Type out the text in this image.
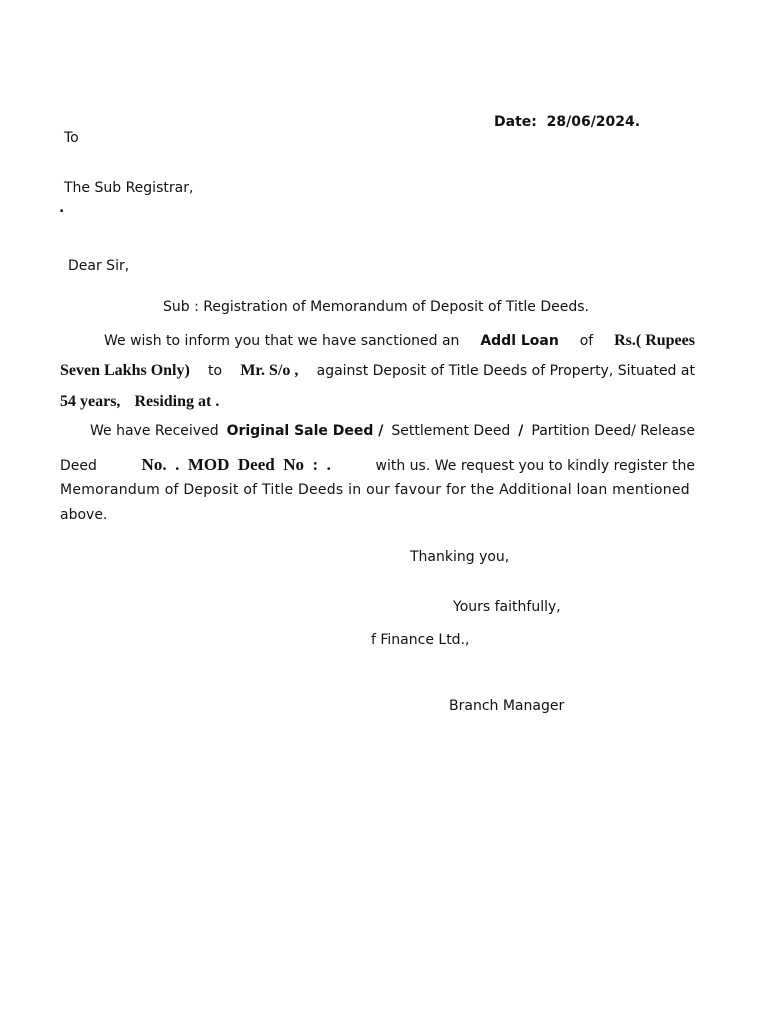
Date: 28/06/2024.
To
The Sub Registrar,
.
Dear Sir,
Sub : Registration of Memorandum of Deposit of Title Deeds.
We wish to inform you that we have sanctioned an Addl Loan of Rs.( Rupees
Seven Lakhs Only) to Mr. S/o , against Deposit of Title Deeds of Property, Situated at
54 years, Residing at .
We have Received Original Sale Deed / Settlement Deed / Partition Deed/ Release
Deed	No.  .  MOD  Deed  No  :  .	with us. We request you to kindly register the
Memorandum of Deposit of Title Deeds in our favour for the Additional loan mentioned
above.
Thanking you,
Yours faithfully,
f Finance Ltd.,
Branch Manager
